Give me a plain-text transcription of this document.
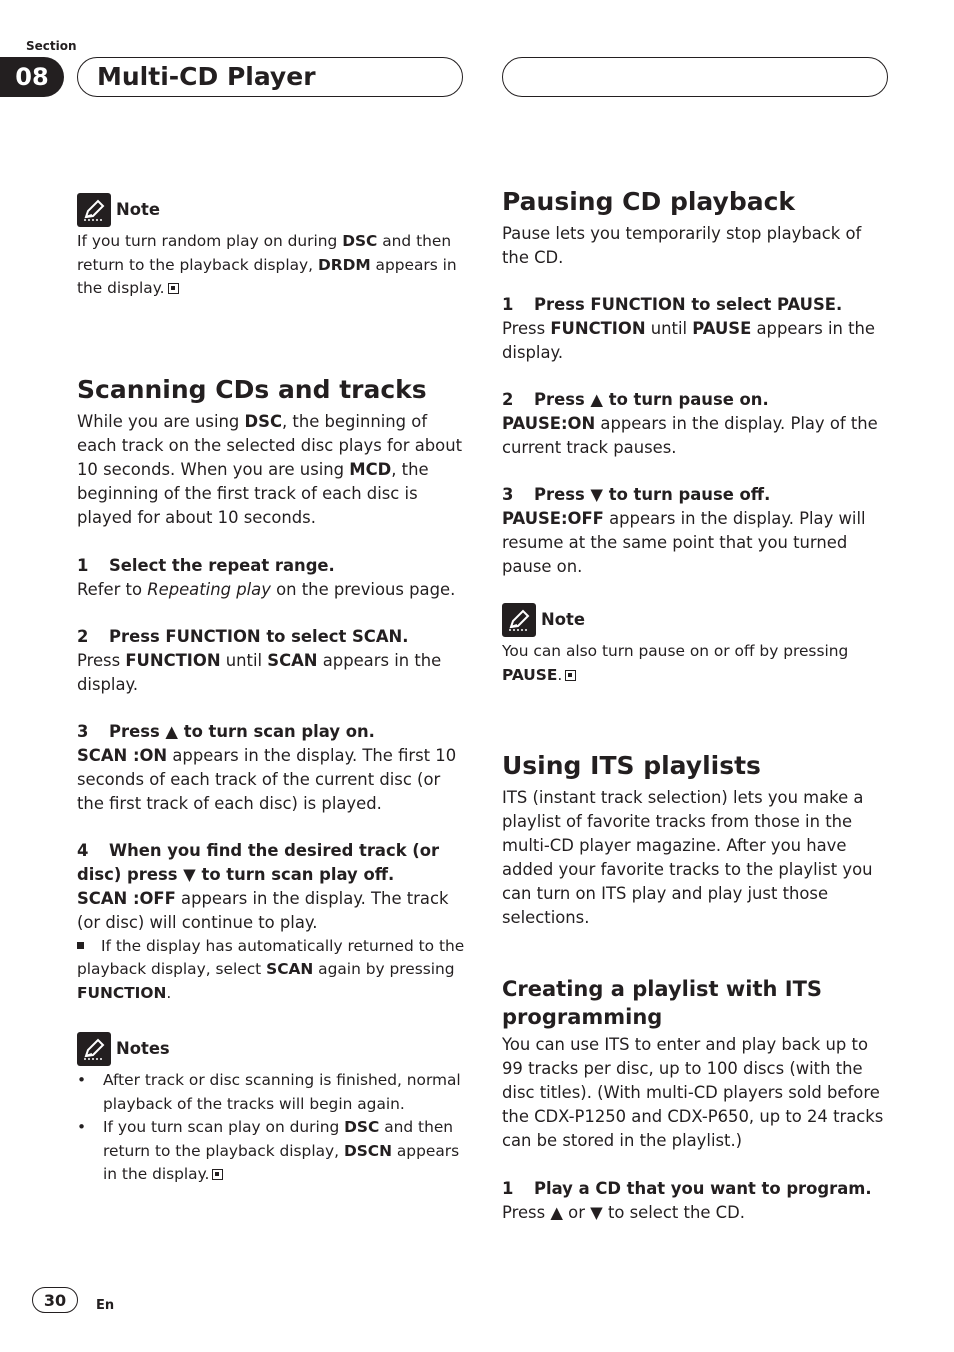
Section
08	Multi-CD Player
Note

If you turn random play on during DSC and then return to the playback display, DRDM appears in the display.

Scanning CDs and tracks

While you are using DSC, the beginning of each track on the selected disc plays for about 10 seconds. When you are using MCD, the beginning of the first track of each disc is played for about 10 seconds.

1 Select the repeat range.

Refer to Repeating play on the previous page.

2 Press FUNCTION to select SCAN.

Press FUNCTION until SCAN appears in the display.

3 Press ▲ to turn scan play on.

SCAN :ON appears in the display. The first 10 seconds of each track of the current disc (or the first track of each disc) is played.

4 When you find the desired track (or disc) press ▼ to turn scan play off.

SCAN :OFF appears in the display. The track (or disc) will continue to play.

If the display has automatically returned to the playback display, select SCAN again by pressing FUNCTION.

Notes
•	After track or disc scanning is finished, normal playback of the tracks will begin again.
•	If you turn scan play on during DSC and then return to the playback display, DSCN appears in the display.
Pausing CD playback

Pause lets you temporarily stop playback of the CD.

1 Press FUNCTION to select PAUSE.

Press FUNCTION until PAUSE appears in the display.

2 Press ▲ to turn pause on.

PAUSE:ON appears in the display. Play of the current track pauses.

3 Press ▼ to turn pause off.

PAUSE:OFF appears in the display. Play will resume at the same point that you turned pause on.

Note

You can also turn pause on or off by pressing PAUSE.

Using ITS playlists

ITS (instant track selection) lets you make a playlist of favorite tracks from those in the multi-CD player magazine. After you have added your favorite tracks to the playlist you can turn on ITS play and play just those selections.

Creating a playlist with ITS programming

You can use ITS to enter and play back up to 99 tracks per disc, up to 100 discs (with the disc titles). (With multi-CD players sold before the CDX-P1250 and CDX-P650, up to 24 tracks can be stored in the playlist.)

1 Play a CD that you want to program.

Press ▲ or ▼ to select the CD.

30	En
